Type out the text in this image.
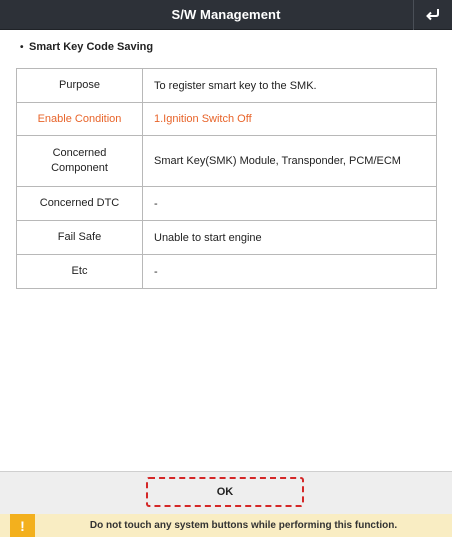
S/W Management
• Smart Key Code Saving
Purpose	To register smart key to the SMK.
Enable Condition	1.Ignition Switch Off
Concerned Component	Smart Key(SMK) Module, Transponder, PCM/ECM
Concerned DTC	-
Fail Safe	Unable to start engine
Etc	-
OK
!	Do not touch any system buttons while performing this function.
